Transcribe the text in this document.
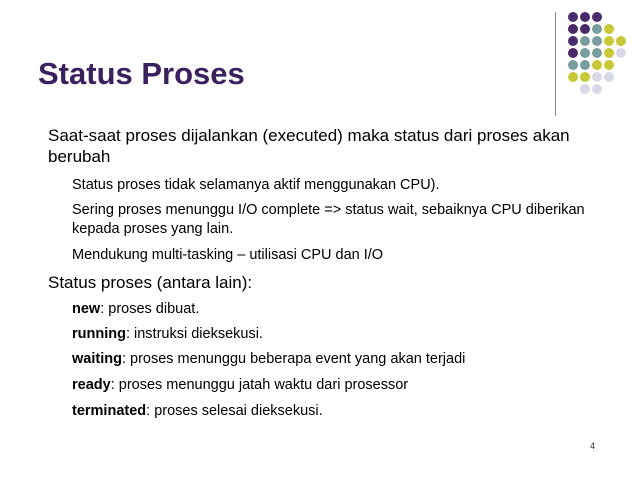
Status Proses
Saat-saat proses dijalankan (executed) maka status dari proses akan berubah
Status proses tidak selamanya aktif menggunakan CPU).
Sering proses menunggu I/O complete => status wait, sebaiknya CPU diberikan kepada proses yang lain.
Mendukung multi-tasking – utilisasi CPU dan I/O
Status proses (antara lain):
new: proses dibuat.
running: instruksi dieksekusi.
waiting: proses menunggu beberapa event yang akan terjadi
ready: proses menunggu jatah waktu dari prosessor
terminated: proses selesai dieksekusi.
4
